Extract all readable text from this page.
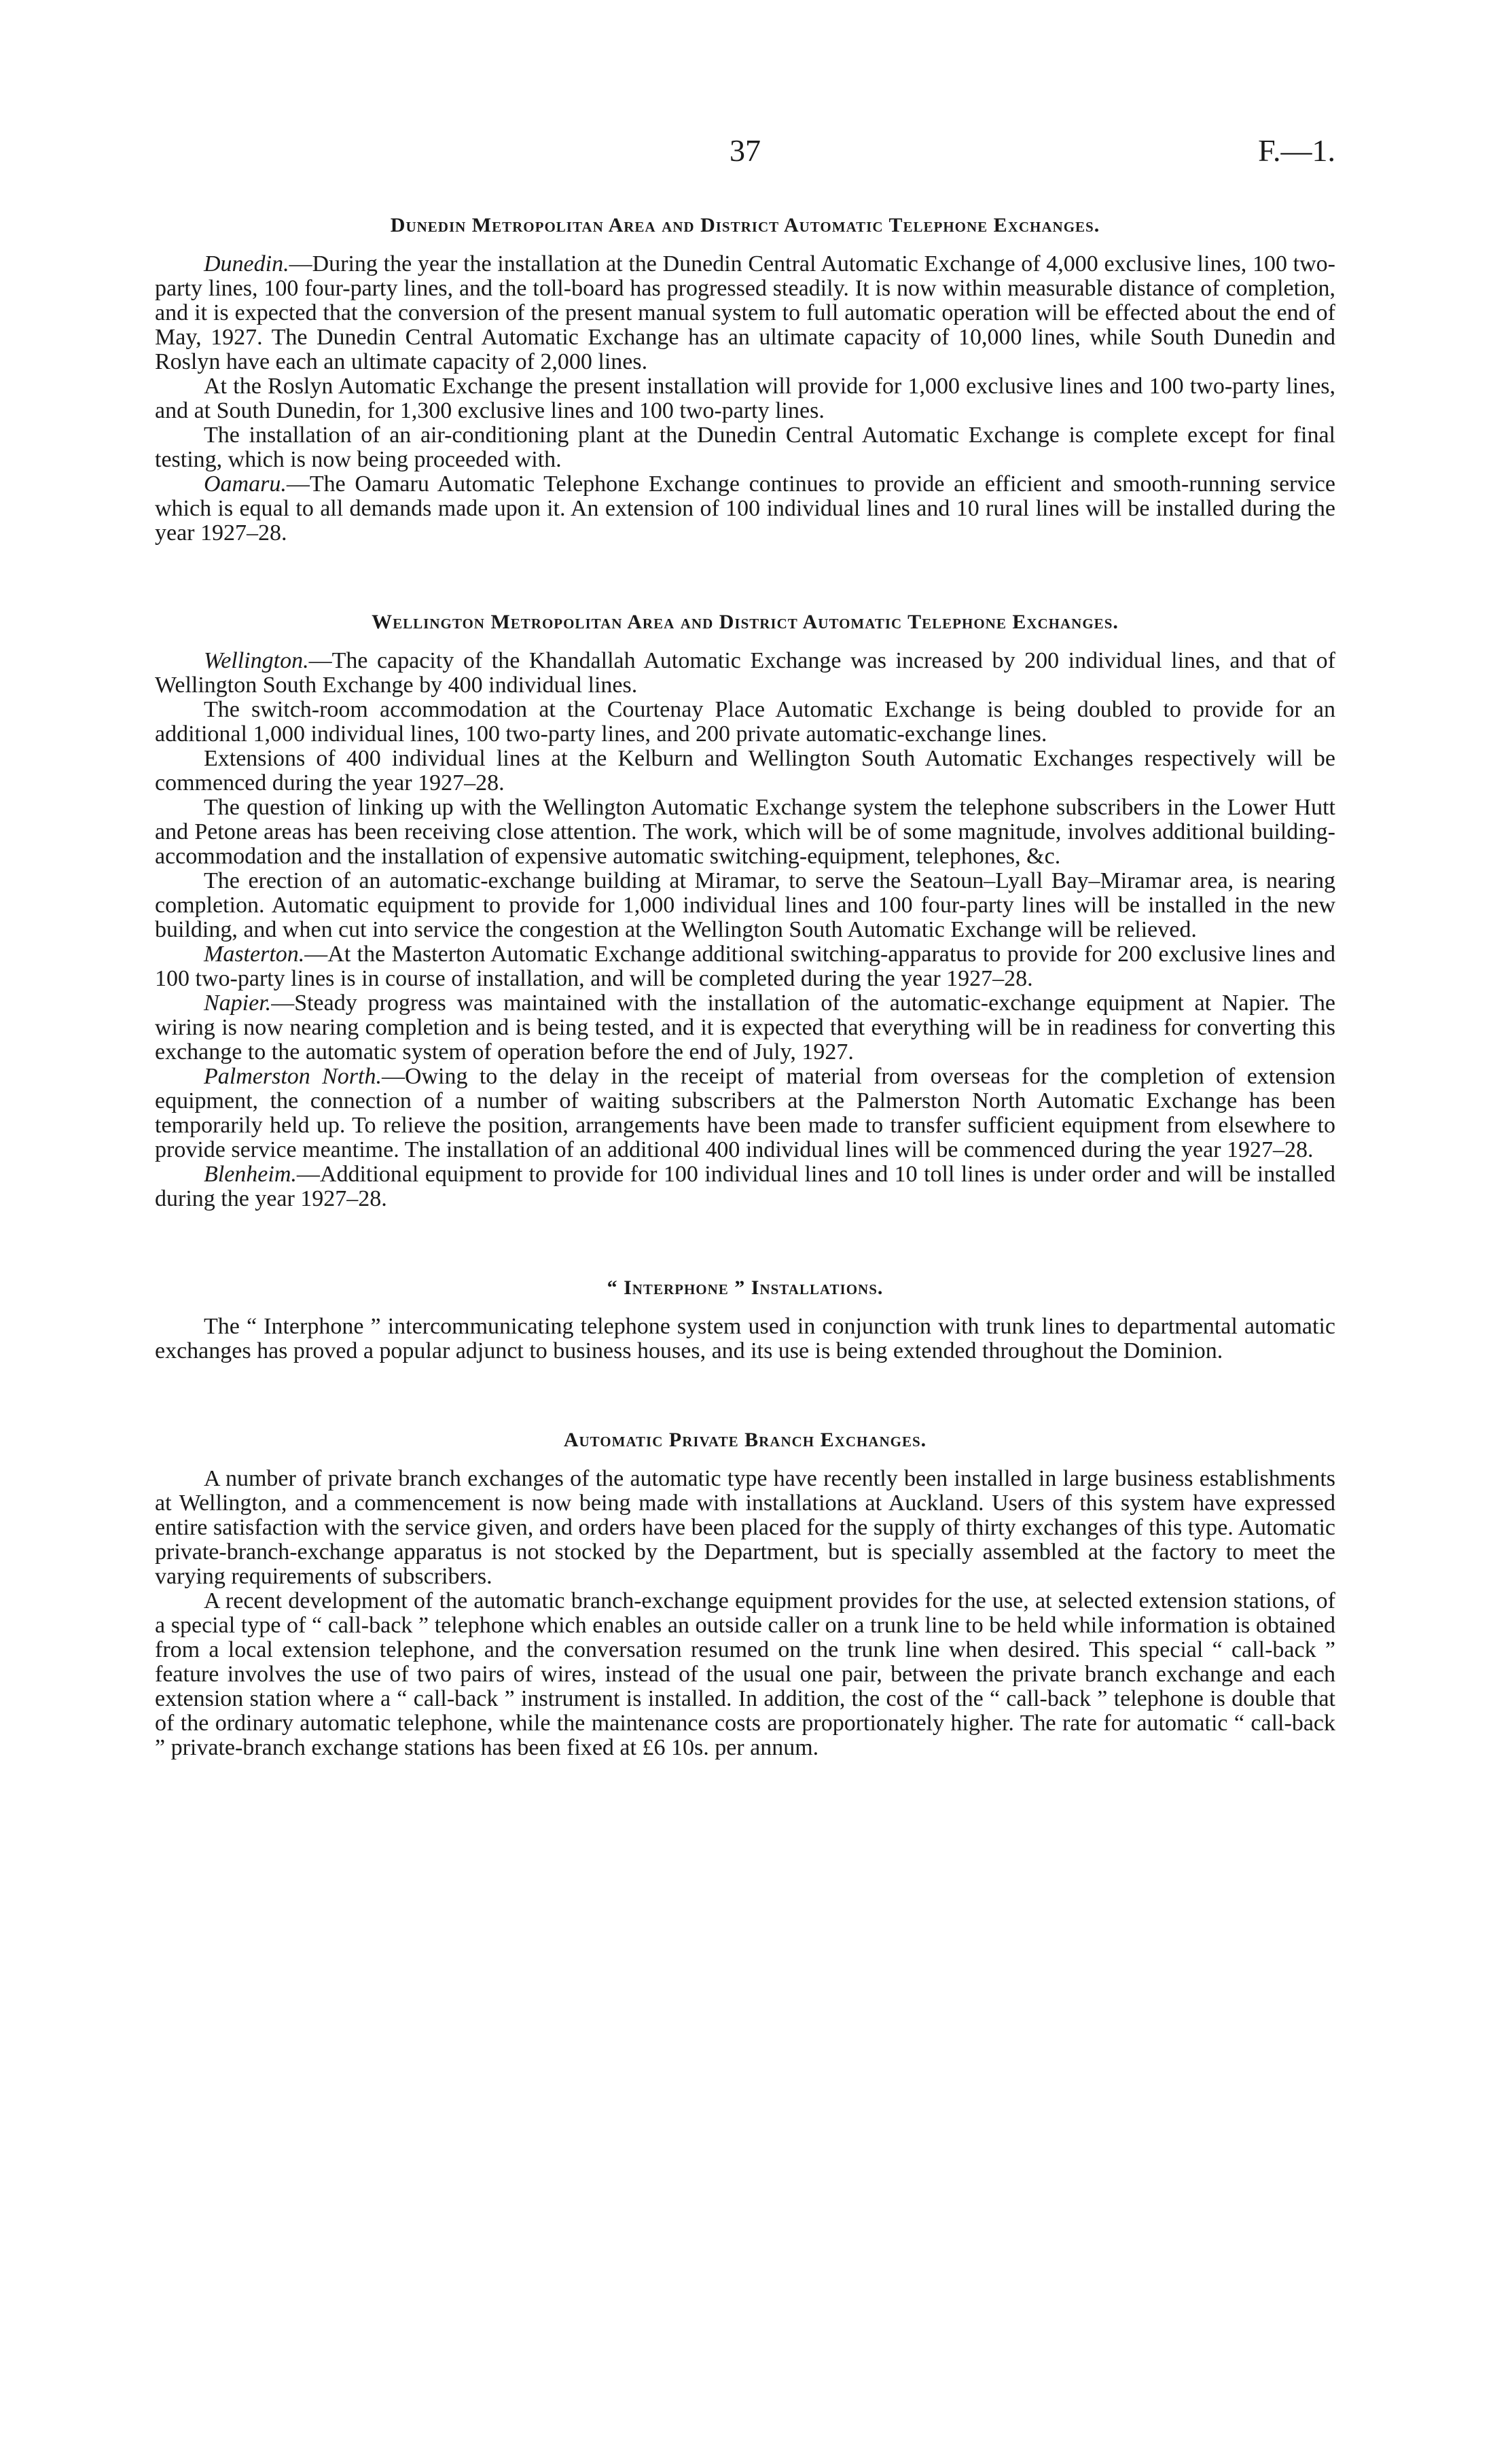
37	F.—1.
Dunedin Metropolitan Area and District Automatic Telephone Exchanges.

Dunedin.—During the year the installation at the Dunedin Central Automatic Exchange of 4,000 exclusive lines, 100 two-party lines, 100 four-party lines, and the toll-board has progressed steadily. It is now within measurable distance of completion, and it is expected that the conversion of the present manual system to full automatic operation will be effected about the end of May, 1927. The Dunedin Central Automatic Exchange has an ultimate capacity of 10,000 lines, while South Dunedin and Roslyn have each an ultimate capacity of 2,000 lines.

At the Roslyn Automatic Exchange the present installation will provide for 1,000 exclusive lines and 100 two-party lines, and at South Dunedin, for 1,300 exclusive lines and 100 two-party lines.

The installation of an air-conditioning plant at the Dunedin Central Automatic Exchange is complete except for final testing, which is now being proceeded with.

Oamaru.—The Oamaru Automatic Telephone Exchange continues to provide an efficient and smooth-running service which is equal to all demands made upon it. An extension of 100 individual lines and 10 rural lines will be installed during the year 1927–28.

Wellington Metropolitan Area and District Automatic Telephone Exchanges.

Wellington.—The capacity of the Khandallah Automatic Exchange was increased by 200 individual lines, and that of Wellington South Exchange by 400 individual lines.

The switch-room accommodation at the Courtenay Place Automatic Exchange is being doubled to provide for an additional 1,000 individual lines, 100 two-party lines, and 200 private automatic-exchange lines.

Extensions of 400 individual lines at the Kelburn and Wellington South Automatic Exchanges respectively will be commenced during the year 1927–28.

The question of linking up with the Wellington Automatic Exchange system the telephone subscribers in the Lower Hutt and Petone areas has been receiving close attention. The work, which will be of some magnitude, involves additional building-accommodation and the installation of expensive automatic switching-equipment, telephones, &c.

The erection of an automatic-exchange building at Miramar, to serve the Seatoun–Lyall Bay–Miramar area, is nearing completion. Automatic equipment to provide for 1,000 individual lines and 100 four-party lines will be installed in the new building, and when cut into service the congestion at the Wellington South Automatic Exchange will be relieved.

Masterton.—At the Masterton Automatic Exchange additional switching-apparatus to provide for 200 exclusive lines and 100 two-party lines is in course of installation, and will be completed during the year 1927–28.

Napier.—Steady progress was maintained with the installation of the automatic-exchange equipment at Napier. The wiring is now nearing completion and is being tested, and it is expected that everything will be in readiness for converting this exchange to the automatic system of operation before the end of July, 1927.

Palmerston North.—Owing to the delay in the receipt of material from overseas for the completion of extension equipment, the connection of a number of waiting subscribers at the Palmerston North Automatic Exchange has been temporarily held up. To relieve the position, arrangements have been made to transfer sufficient equipment from elsewhere to provide service meantime. The installation of an additional 400 individual lines will be commenced during the year 1927–28.

Blenheim.—Additional equipment to provide for 100 individual lines and 10 toll lines is under order and will be installed during the year 1927–28.

“ Interphone ” Installations.

The “ Interphone ” intercommunicating telephone system used in conjunction with trunk lines to departmental automatic exchanges has proved a popular adjunct to business houses, and its use is being extended throughout the Dominion.

Automatic Private Branch Exchanges.

A number of private branch exchanges of the automatic type have recently been installed in large business establishments at Wellington, and a commencement is now being made with installations at Auckland. Users of this system have expressed entire satisfaction with the service given, and orders have been placed for the supply of thirty exchanges of this type. Automatic private-branch-exchange apparatus is not stocked by the Department, but is specially assembled at the factory to meet the varying requirements of subscribers.

A recent development of the automatic branch-exchange equipment provides for the use, at selected extension stations, of a special type of “ call-back ” telephone which enables an outside caller on a trunk line to be held while information is obtained from a local extension telephone, and the conversation resumed on the trunk line when desired. This special “ call-back ” feature involves the use of two pairs of wires, instead of the usual one pair, between the private branch exchange and each extension station where a “ call-back ” instrument is installed. In addition, the cost of the “ call-back ” telephone is double that of the ordinary automatic telephone, while the maintenance costs are proportionately higher. The rate for automatic “ call-back ” private-branch exchange stations has been fixed at £6 10s. per annum.
